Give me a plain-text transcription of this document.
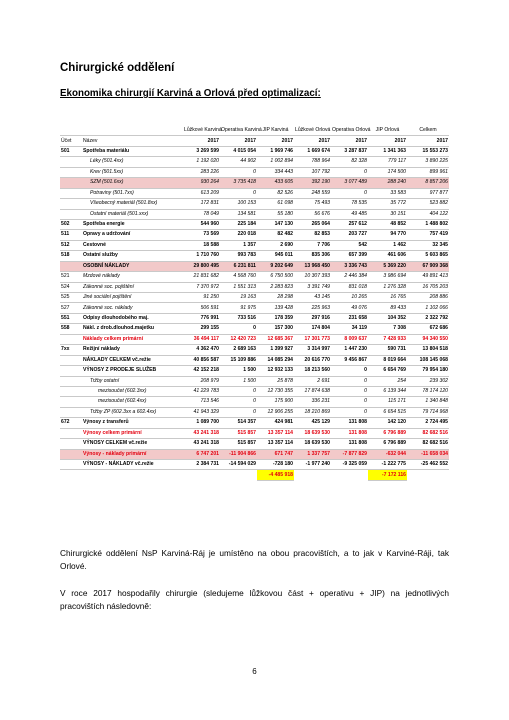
Chirurgické oddělení
Ekonomika chirurgií Karviná a Orlová před optimalizací:
		Lůžkové Karviná	Operativa Karviná	JIP Karviná	Lůžkové Orlová	Operativa Orlová	JIP Orlová	Celkem
Účet	Název	2017	2017	2017	2017	2017	2017	2017
501	Spotřeba materiálu	3 269 599	4 015 054	1 969 746	1 669 674	3 287 837	1 341 363	15 553 273
	Léky (501.4xx)	1 192 020	44 902	1 002 894	788 964	82 328	779 117	3 890 225
	Krev (501.5xx)	283 226	0	334 443	107 792	0	174 500	899 961
	SZM (501.6xx)	930 264	3 735 418	433 605	392 190	3 077 489	288 240	8 857 206
	Potraviny (501.7xx)	613 209	0	82 526	248 559	0	33 583	977 877
	Všeobecný materiál (501.8xx)	172 831	100 153	61 098	75 493	78 535	35 772	523 882
	Ostatní materiál (501.xxx)	78 049	134 581	55 180	56 676	49 485	30 151	404 122
502	Spotřeba energie	544 960	225 184	147 130	265 064	257 612	48 852	1 488 802
511	Opravy a udržování	73 569	220 018	82 482	82 853	203 727	94 770	757 419
512	Cestovné	18 588	1 357	2 690	7 706	542	1 462	32 345
518	Ostatní služby	1 710 760	993 783	945 011	835 306	657 399	461 606	5 603 865
	OSOBNÍ NÁKLADY	29 800 495	6 231 811	9 202 649	13 968 450	3 336 743	5 369 220	67 909 368
521	Mzdové náklady	21 831 682	4 568 760	6 750 500	10 307 393	2 446 384	3 986 694	49 891 413
524	Zákonné soc. pojištění	7 370 972	1 551 313	2 283 823	3 391 749	831 018	1 276 328	16 705 203
525	Jiné sociální pojištění	91 250	19 163	28 298	43 145	10 265	16 765	208 886
527	Zákonné soc. náklady	506 591	91 975	139 428	225 963	49 076	89 433	1 102 066
551	Odpisy dlouhodobého maj.	776 991	733 516	178 359	297 916	231 658	104 352	2 322 792
558	Nákl. z drob.dlouhod.majetku	299 155	0	157 300	174 804	34 119	7 308	672 686
	Náklady celkem primární	36 494 117	12 420 723	12 685 367	17 301 773	8 009 637	7 428 933	94 340 550
7xx	Režijní náklady	4 362 470	2 689 163	1 399 927	3 314 997	1 447 230	590 731	13 804 518
	NÁKLADY CELKEM vč.režie	40 856 587	15 109 886	14 085 294	20 616 770	9 456 867	8 019 664	108 145 068
	VÝNOSY Z PRODEJE SLUŽEB	42 152 218	1 500	12 932 133	18 213 560	0	6 654 769	79 954 180
	Tržby ostatní	208 979	1 500	25 878	2 691	0	254	239 302
	mezisoučet (602.3xx)	41 229 783	0	12 730 355	17 874 638	0	6 139 344	78 174 120
	mezisoučet (602.4xx)	713 546	0	175 900	336 231	0	115 171	1 340 848
	Tržby ZP (602.3xx a 602.4xx)	41 943 329	0	12 906 255	18 210 869	0	6 654 515	79 714 968
672	Výnosy z transferů	1 089 700	514 357	424 981	425 129	131 808	142 120	2 724 495
	Výnosy celkem primární	43 241 318	515 857	13 357 114	18 639 530	131 808	6 796 889	82 682 516
	VÝNOSY CELKEM vč.režie	43 241 318	515 857	13 357 114	18 639 530	131 808	6 796 889	82 682 516
	Výnosy - náklady primární	6 747 201	-11 904 866	671 747	1 337 757	-7 877 829	-632 044	-11 658 034
	VÝNOSY - NÁKLADY vč.režie	2 384 731	-14 594 029	-728 180	-1 977 240	-9 325 059	-1 222 775	-25 462 552
				-4 485 918			-7 172 116	
Chirurgické oddělení NsP Karviná-Ráj je umístěno na obou pracovištích, a to jak v Karviné-Ráji, tak Orlové.
V roce 2017 hospodařily chirurgie (sledujeme lůžkovou část + operativu + JIP) na jednotlivých pracovištích následovně:
6
